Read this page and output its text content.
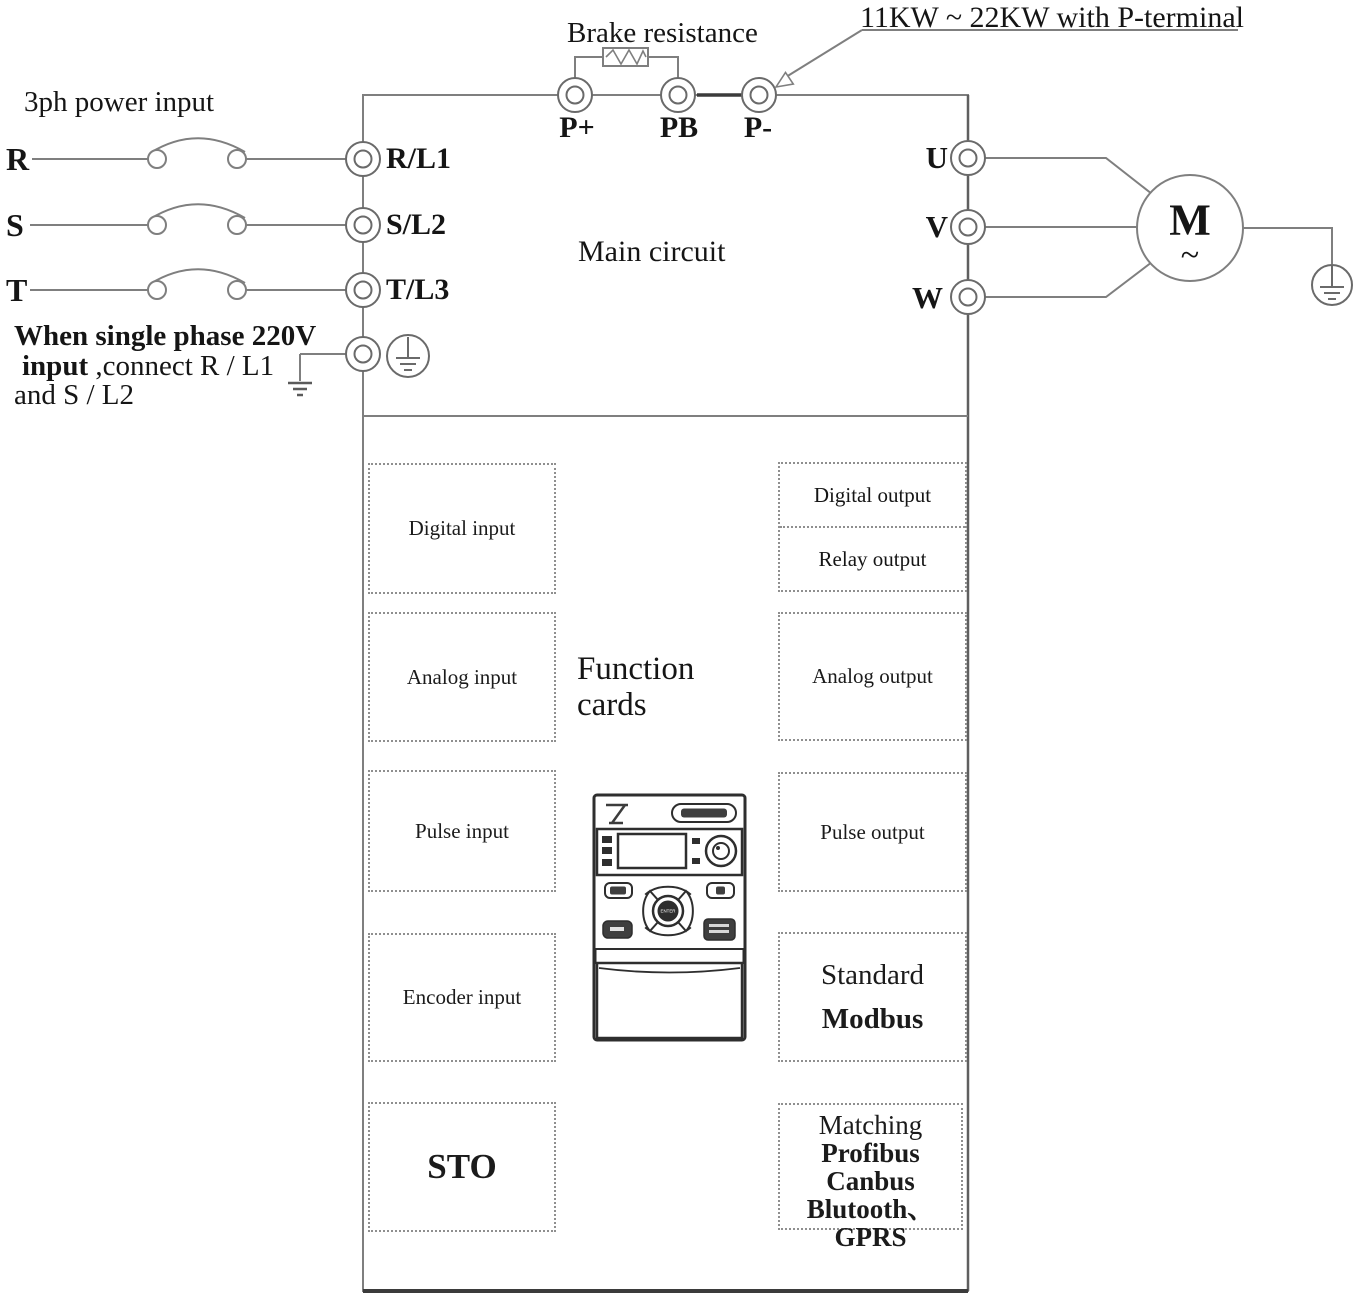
3ph power input
R
S
T
R/L1
S/L2
T/L3
When single phase 220V
input ,connect R / L1
and S / L2
Brake resistance	11KW ~ 22KW with P-terminal
P+ PB P-
Main circuit
U
V
W
M
~
Function
cards
Digital input
Analog input
Pulse input
Encoder input
STO
Digital output
Relay output
Analog output
Pulse output
Standard
Modbus
Matching
Profibus
Canbus
Blutooth、
GPRS
ENTER
